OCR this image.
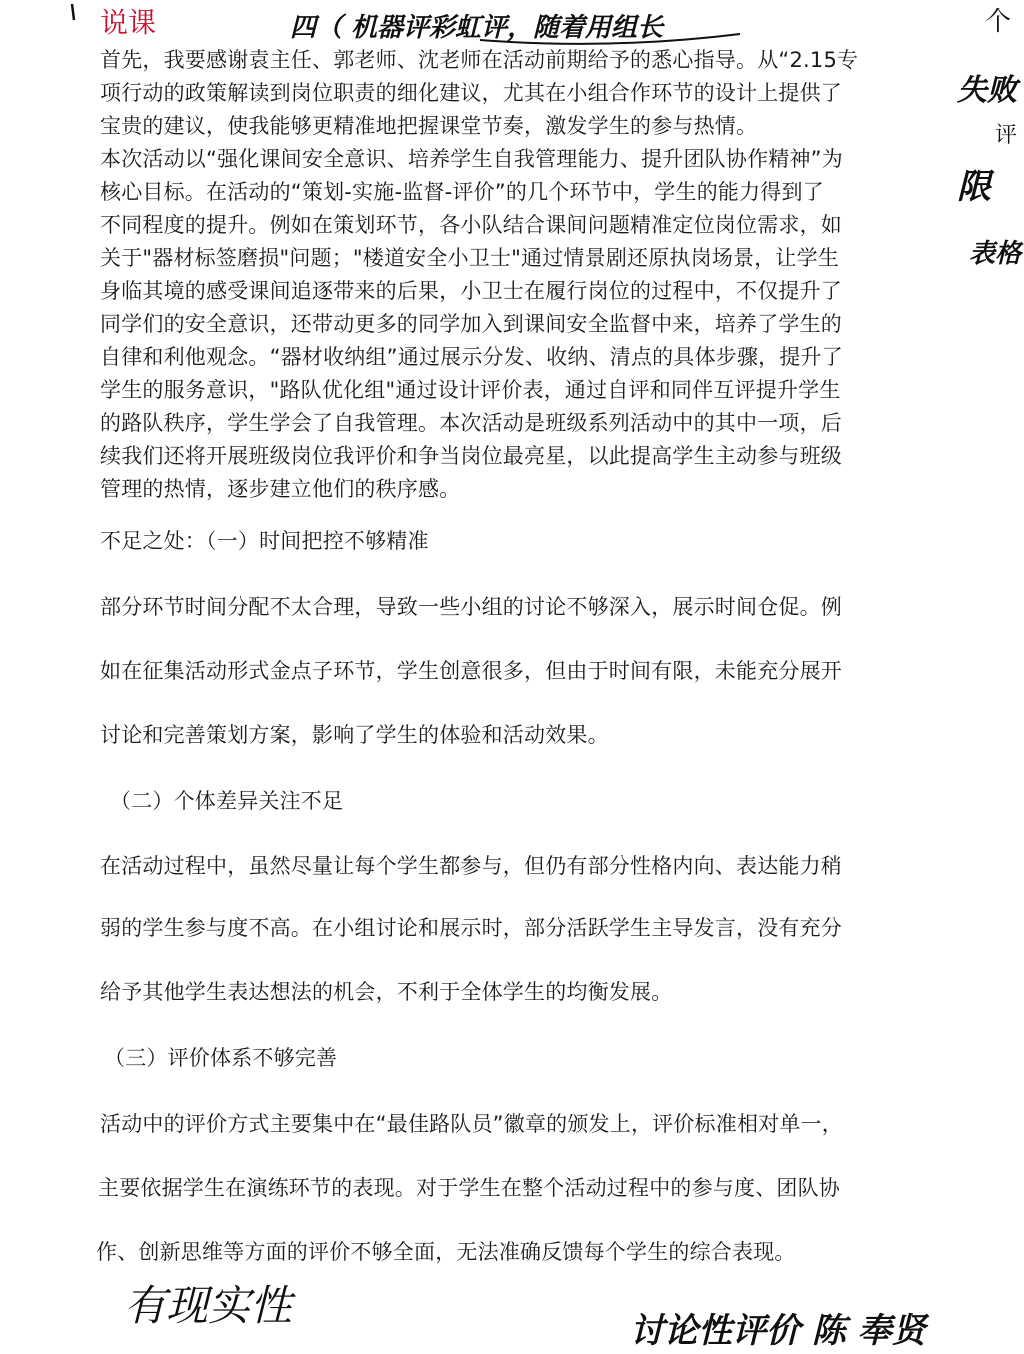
首先，我要感谢袁主任、郭老师、沈老师在活动前期给予的悉心指导。从“2.15专
项行动的政策解读到岗位职责的细化建议，尤其在小组合作环节的设计上提供了
宝贵的建议，使我能够更精准地把握课堂节奏，激发学生的参与热情。
本次活动以“强化课间安全意识、培养学生自我管理能力、提升团队协作精神”为
核心目标。在活动的“策划-实施-监督-评价”的几个环节中，学生的能力得到了
不同程度的提升。例如在策划环节，各小队结合课间问题精准定位岗位需求，如
关于"器材标签磨损"问题；"楼道安全小卫士"通过情景剧还原执岗场景，让学生
身临其境的感受课间追逐带来的后果，小卫士在履行岗位的过程中，不仅提升了
同学们的安全意识，还带动更多的同学加入到课间安全监督中来，培养了学生的
自律和利他观念。“器材收纳组”通过展示分发、收纳、清点的具体步骤，提升了
学生的服务意识，"路队优化组"通过设计评价表，通过自评和同伴互评提升学生
的路队秩序，学生学会了自我管理。本次活动是班级系列活动中的其中一项，后
续我们还将开展班级岗位我评价和争当岗位最亮星，以此提高学生主动参与班级
管理的热情，逐步建立他们的秩序感。
不足之处：（一）时间把控不够精准
部分环节时间分配不太合理，导致一些小组的讨论不够深入，展示时间仓促。例
如在征集活动形式金点子环节，学生创意很多，但由于时间有限，未能充分展开
讨论和完善策划方案，影响了学生的体验和活动效果。
（二）个体差异关注不足
在活动过程中，虽然尽量让每个学生都参与，但仍有部分性格内向、表达能力稍
弱的学生参与度不高。在小组讨论和展示时，部分活跃学生主导发言，没有充分
给予其他学生表达想法的机会，不利于全体学生的均衡发展。
（三）评价体系不够完善
活动中的评价方式主要集中在“最佳路队员”徽章的颁发上，评价标准相对单一，
主要依据学生在演练环节的表现。对于学生在整个活动过程中的参与度、团队协
作、创新思维等方面的评价不够全面，无法准确反馈每个学生的综合表现。
说课	四（ 机器评彩虹评，随着用组长	个
失败
评
限
表格
有现实性
讨论性评价 陈 奉贤
